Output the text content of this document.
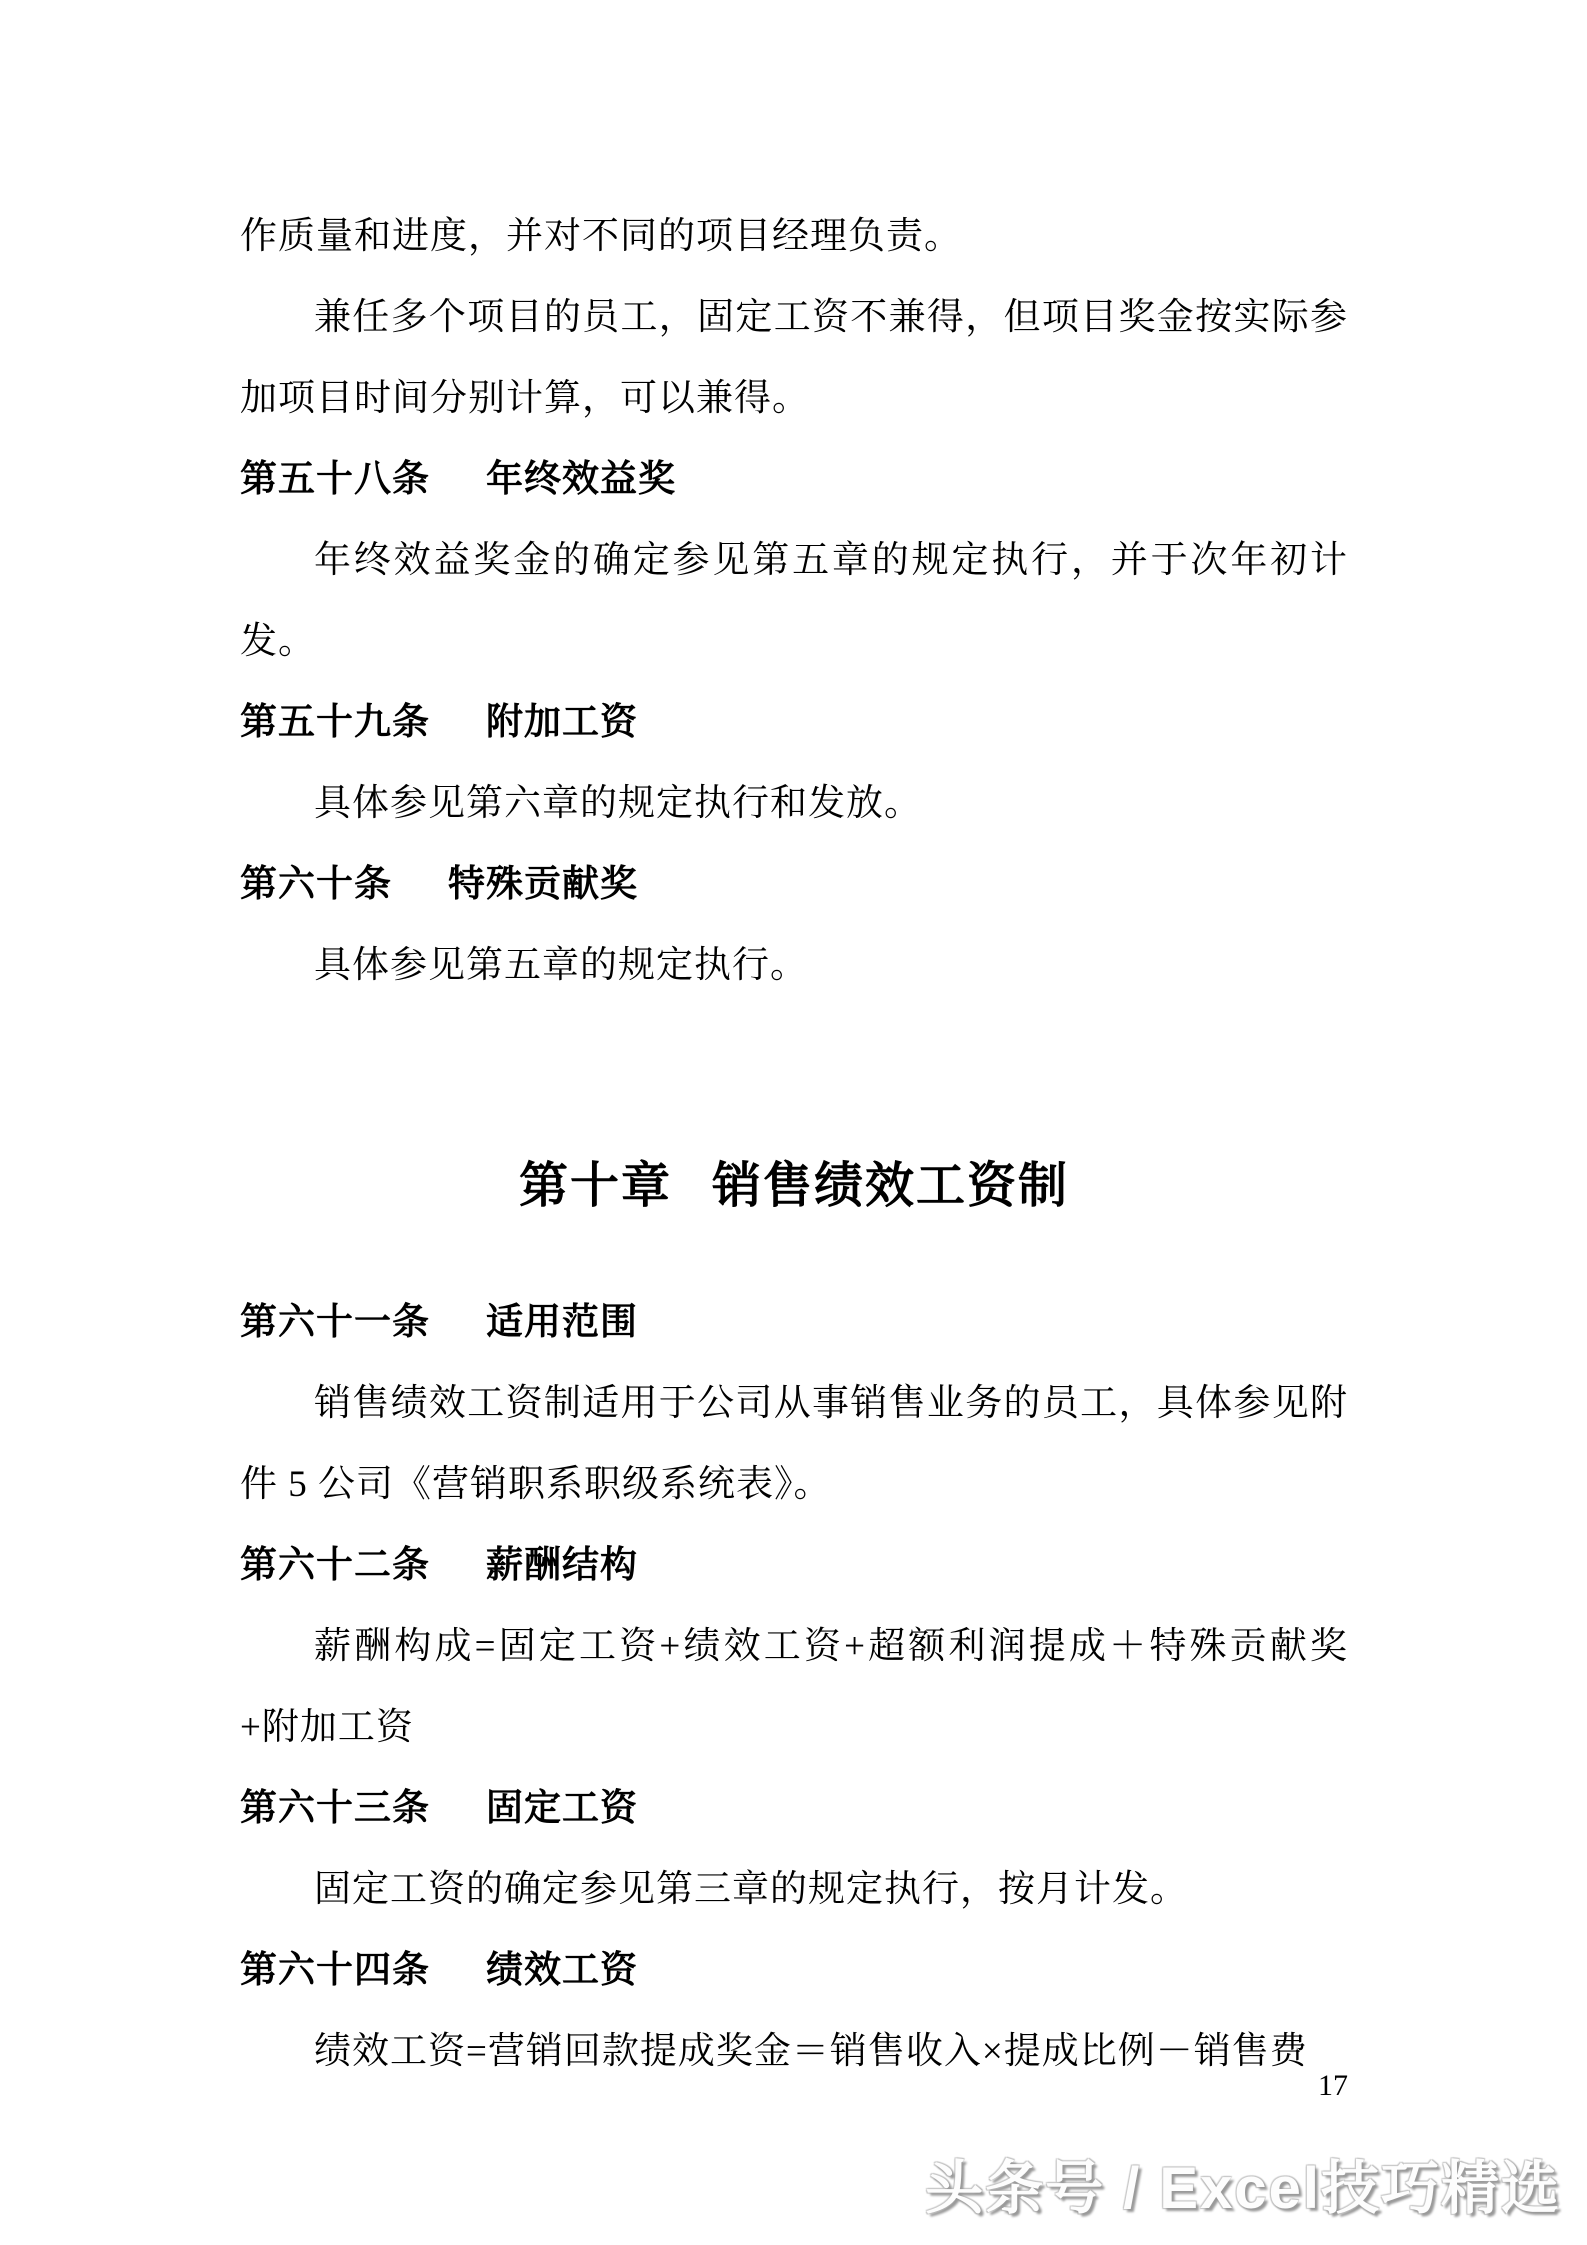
作质量和进度，并对不同的项目经理负责。

兼任多个项目的员工，固定工资不兼得，但项目奖金按实际参加项目时间分别计算，可以兼得。

第五十八条 年终效益奖

年终效益奖金的确定参见第五章的规定执行，并于次年初计发。

第五十九条 附加工资

具体参见第六章的规定执行和发放。

第六十条 特殊贡献奖

具体参见第五章的规定执行。

第十章 销售绩效工资制

第六十一条 适用范围

销售绩效工资制适用于公司从事销售业务的员工，具体参见附件 5 公司《营销职系职级系统表》。

第六十二条 薪酬结构

薪酬构成=固定工资+绩效工资+超额利润提成＋特殊贡献奖+附加工资

第六十三条 固定工资

固定工资的确定参见第三章的规定执行，按月计发。

第六十四条 绩效工资

绩效工资=营销回款提成奖金＝销售收入×提成比例－销售费

17
头条号 / Excel技巧精选
